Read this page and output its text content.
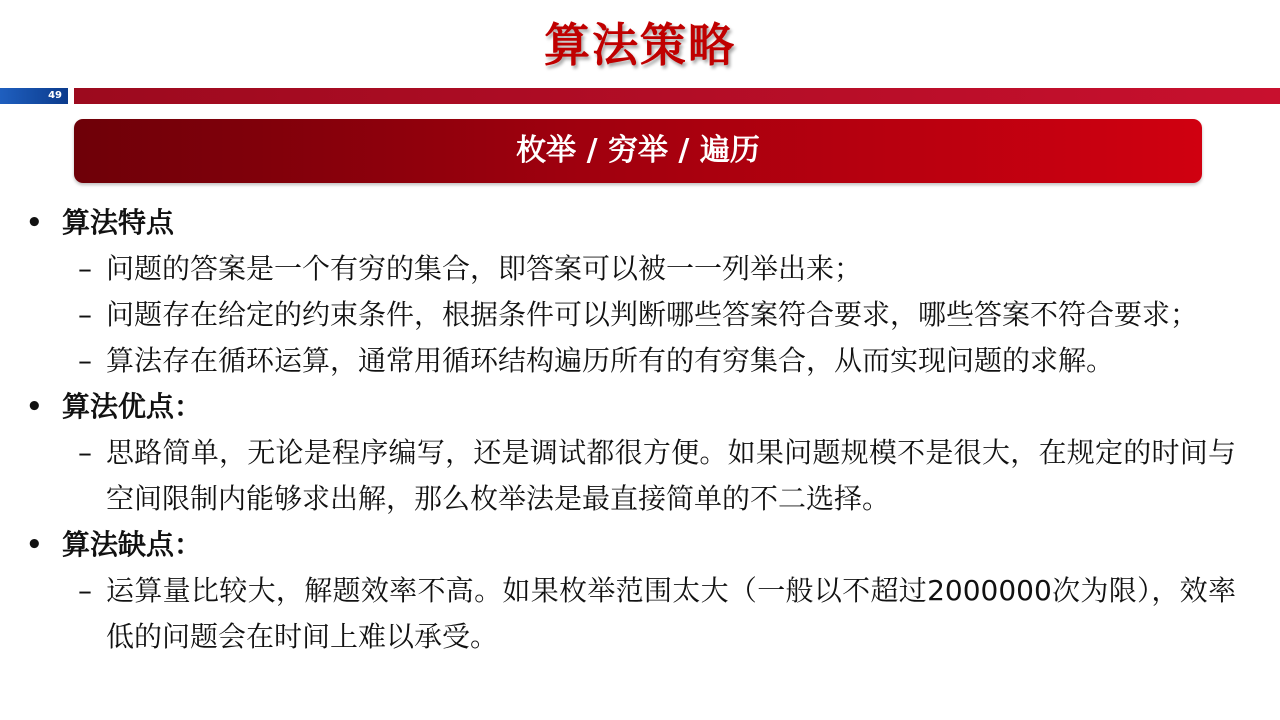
算法策略
49
枚举 / 穷举 / 遍历
• 算法特点
– 问题的答案是一个有穷的集合，即答案可以被一一列举出来；
– 问题存在给定的约束条件，根据条件可以判断哪些答案符合要求，哪些答案不符合要求；
– 算法存在循环运算，通常用循环结构遍历所有的有穷集合，从而实现问题的求解。
• 算法优点：
– 思路简单，无论是程序编写，还是调试都很方便。如果问题规模不是很大，在规定的时间与空间限制内能够求出解，那么枚举法是最直接简单的不二选择。
• 算法缺点：
– 运算量比较大，解题效率不高。如果枚举范围太大（一般以不超过2000000次为限），效率低的问题会在时间上难以承受。
